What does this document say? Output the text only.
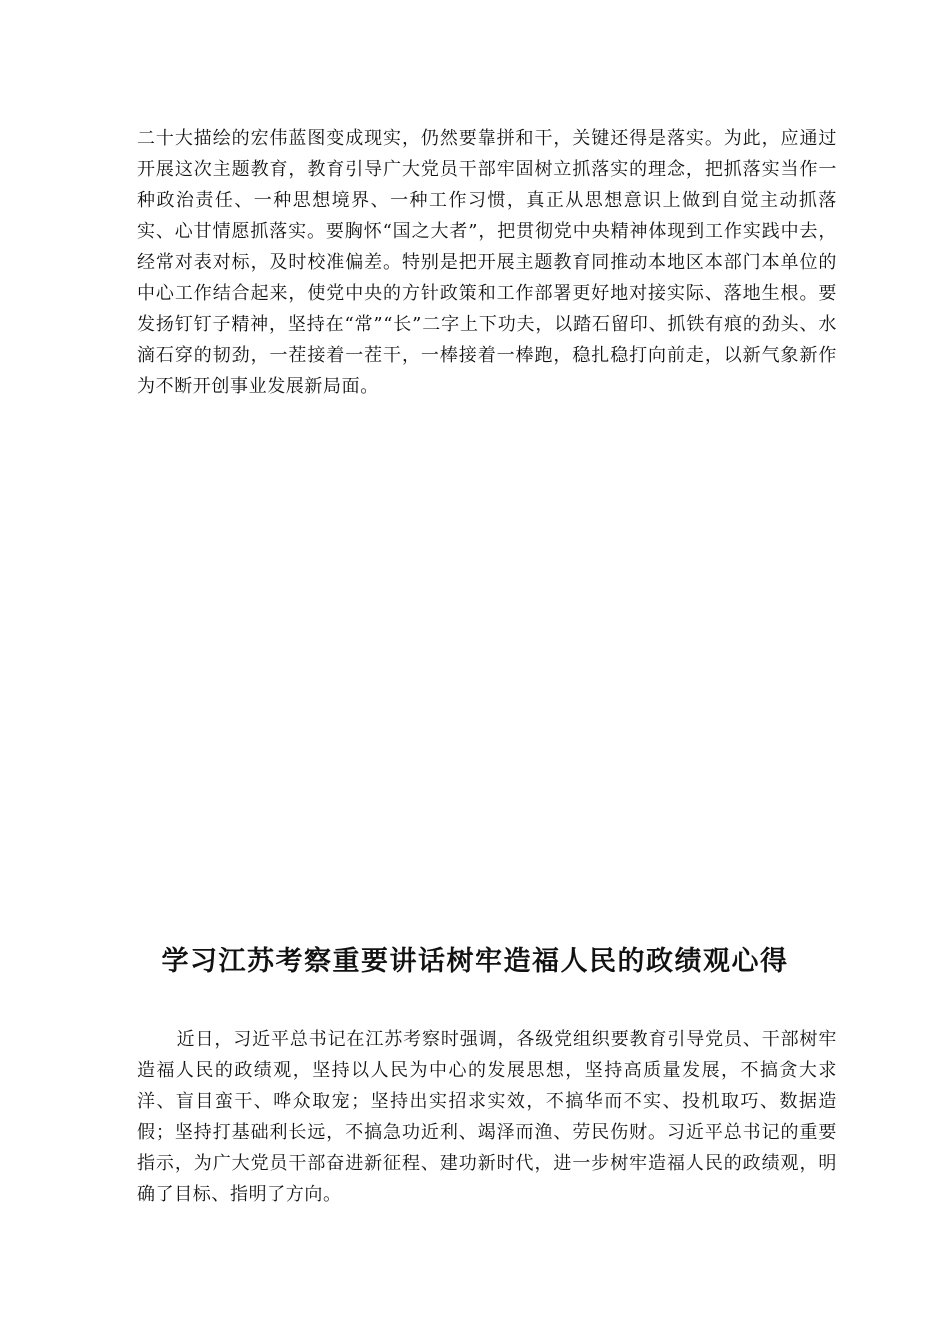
二十大描绘的宏伟蓝图变成现实，仍然要靠拼和干，关键还得是落实。为此，应通过开展这次主题教育，教育引导广大党员干部牢固树立抓落实的理念，把抓落实当作一种政治责任、一种思想境界、一种工作习惯，真正从思想意识上做到自觉主动抓落实、心甘情愿抓落实。要胸怀“国之大者”，把贯彻党中央精神体现到工作实践中去，经常对表对标，及时校准偏差。特别是把开展主题教育同推动本地区本部门本单位的中心工作结合起来，使党中央的方针政策和工作部署更好地对接实际、落地生根。要发扬钉钉子精神，坚持在“常”“长”二字上下功夫，以踏石留印、抓铁有痕的劲头、水滴石穿的韧劲，一茬接着一茬干，一棒接着一棒跑，稳扎稳打向前走，以新气象新作为不断开创事业发展新局面。

学习江苏考察重要讲话树牢造福人民的政绩观心得

近日，习近平总书记在江苏考察时强调，各级党组织要教育引导党员、干部树牢造福人民的政绩观，坚持以人民为中心的发展思想，坚持高质量发展，不搞贪大求洋、盲目蛮干、哗众取宠；坚持出实招求实效，不搞华而不实、投机取巧、数据造假；坚持打基础利长远，不搞急功近利、竭泽而渔、劳民伤财。习近平总书记的重要指示，为广大党员干部奋进新征程、建功新时代，进一步树牢造福人民的政绩观，明确了目标、指明了方向。
